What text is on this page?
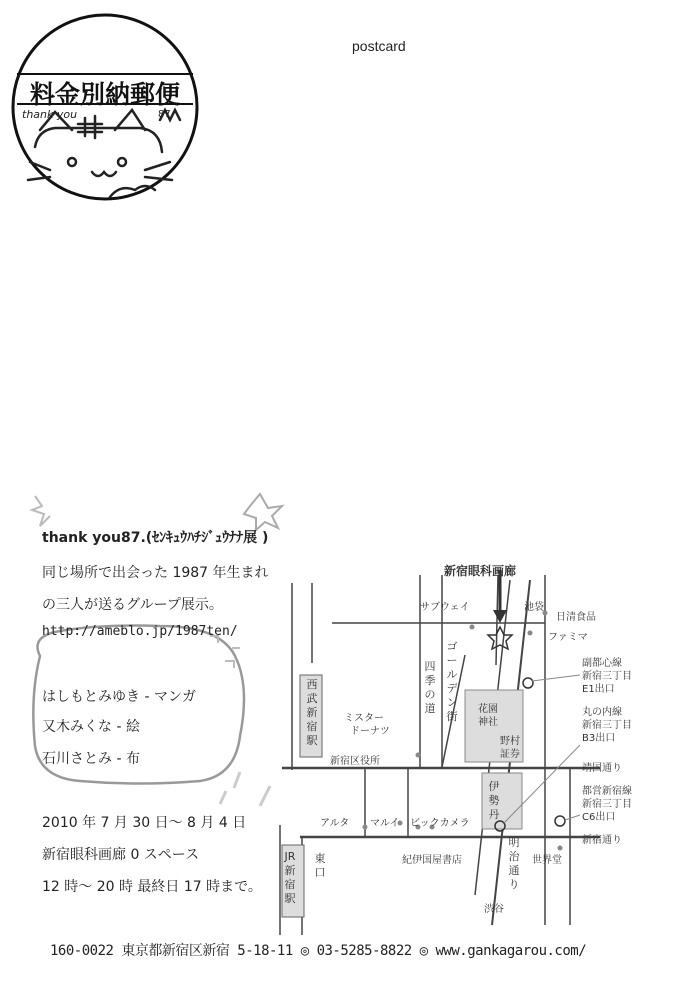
料金別納郵便
thank you	87
postcard
thank you87.(ｾﾝｷｭｳﾊﾁｼﾞｭｳﾅﾅ展 )
同じ場所で出会った 1987 年生まれ
の三人が送るグループ展示。
http://ameblo.jp/1987ten/
はしもとみゆき - マンガ
又木みくな - 絵
石川さとみ - 布
2010 年 7 月 30 日～ 8 月 4 日
新宿眼科画廊 0 スペース
12 時～ 20 時 最終日 17 時まで。
新宿眼科画廊
サブウェイ	池袋
日清食品
ファミマ
副都心線
新宿三丁目
E1出口
丸の内線
新宿三丁目
B3出口
都営新宿線
新宿三丁目
C6出口
靖国通り
新宿通り
西武新宿駅
ミスター
ドーナツ
四季の道
ゴールデン街
花園
神社
野村
証券
新宿区役所
伊勢丹
アルタ マルイ ビックカメラ
紀伊国屋書店
明治通り
世界堂
渋谷
JR新宿駅
東口
160-0022 東京都新宿区新宿 5-18-11 ◎ 03-5285-8822 ◎ www.gankagarou.com/
